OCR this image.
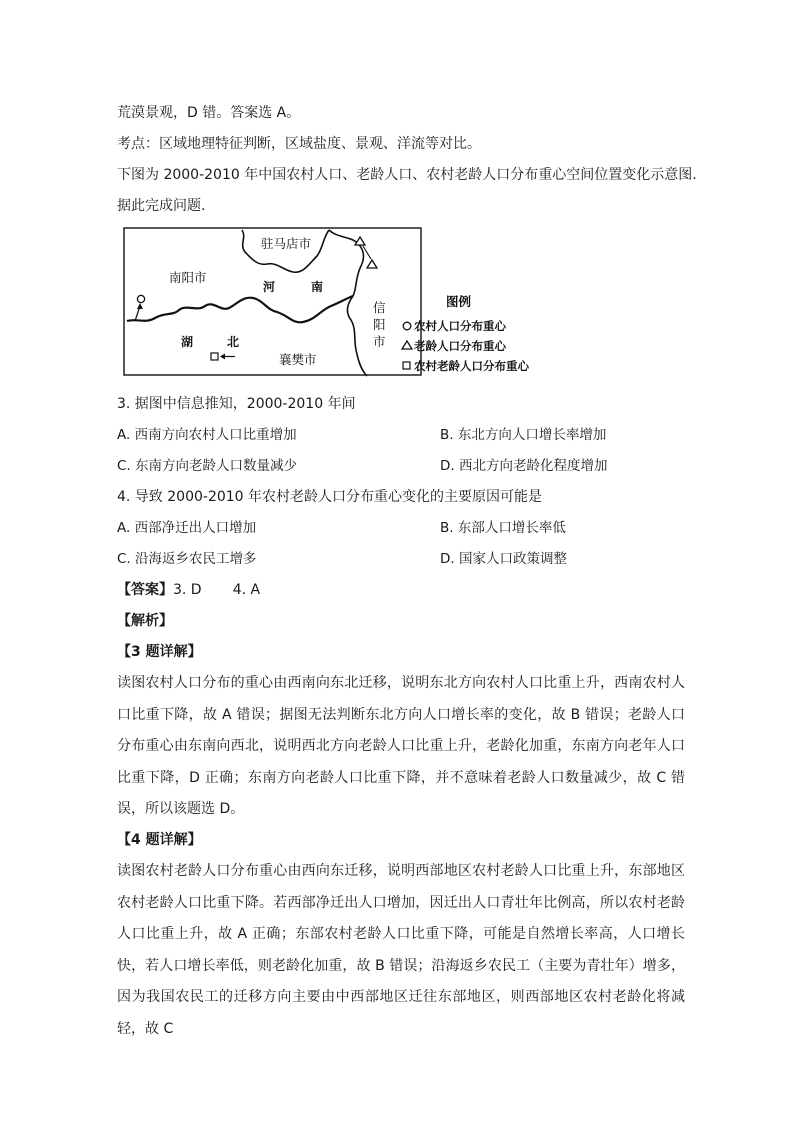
荒漠景观，D 错。答案选 A。
考点：区域地理特征判断，区域盐度、景观、洋流等对比。
下图为 2000-2010 年中国农村人口、老龄人口、农村老龄人口分布重心空间位置变化示意图.
据此完成问题.
驻马店市
南阳市
河	南
信
阳
市
湖	北
襄樊市
图例
农村人口分布重心
老龄人口分布重心
农村老龄人口分布重心
3. 据图中信息推知，2000-2010 年间
A. 西南方向农村人口比重增加	B. 东北方向人口增长率增加
C. 东南方向老龄人口数量减少	D. 西北方向老龄化程度增加
4. 导致 2000-2010 年农村老龄人口分布重心变化的主要原因可能是
A. 西部净迁出人口增加	B. 东部人口增长率低
C. 沿海返乡农民工增多	D. 国家人口政策调整
【答案】3. D       4. A
【解析】
【3 题详解】
读图农村人口分布的重心由西南向东北迁移，说明东北方向农村人口比重上升，西南农村人口比重下降，故 A 错误；据图无法判断东北方向人口增长率的变化，故 B 错误；老龄人口分布重心由东南向西北，说明西北方向老龄人口比重上升，老龄化加重，东南方向老年人口比重下降，D 正确；东南方向老龄人口比重下降，并不意味着老龄人口数量减少，故 C 错误，所以该题选 D。
【4 题详解】
读图农村老龄人口分布重心由西向东迁移，说明西部地区农村老龄人口比重上升，东部地区农村老龄人口比重下降。若西部净迁出人口增加，因迁出人口青壮年比例高，所以农村老龄人口比重上升，故 A 正确；东部农村老龄人口比重下降，可能是自然增长率高，人口增长快，若人口增长率低，则老龄化加重，故 B 错误；沿海返乡农民工（主要为青壮年）增多，因为我国农民工的迁移方向主要由中西部地区迁往东部地区，则西部地区农村老龄化将减轻，故 C
